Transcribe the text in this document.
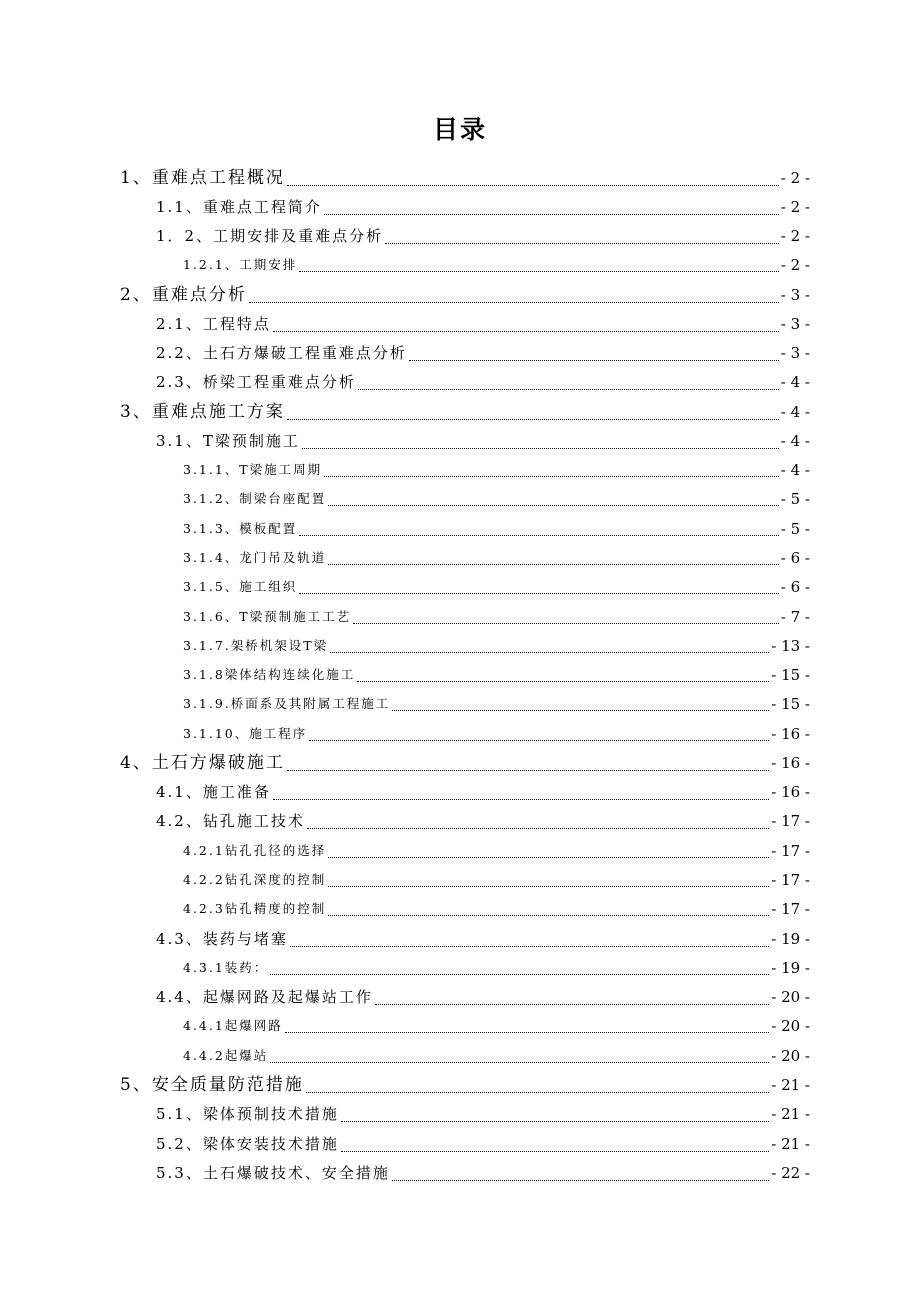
目录
1、重难点工程概况	- 2 -
1.1、重难点工程简介	- 2 -
1．2、工期安排及重难点分析	- 2 -
1.2.1、工期安排	- 2 -
2、重难点分析	- 3 -
2.1、工程特点	- 3 -
2.2、土石方爆破工程重难点分析	- 3 -
2.3、桥梁工程重难点分析	- 4 -
3、重难点施工方案	- 4 -
3.1、T梁预制施工	- 4 -
3.1.1、T梁施工周期	- 4 -
3.1.2、制梁台座配置	- 5 -
3.1.3、模板配置	- 5 -
3.1.4、龙门吊及轨道	- 6 -
3.1.5、施工组织	- 6 -
3.1.6、T梁预制施工工艺	- 7 -
3.1.7.架桥机架设T梁	- 13 -
3.1.8梁体结构连续化施工	- 15 -
3.1.9.桥面系及其附属工程施工	- 15 -
3.1.10、施工程序	- 16 -
4、土石方爆破施工	- 16 -
4.1、施工准备	- 16 -
4.2、钻孔施工技术	- 17 -
4.2.1钻孔孔径的选择	- 17 -
4.2.2钻孔深度的控制	- 17 -
4.2.3钻孔精度的控制	- 17 -
4.3、装药与堵塞	- 19 -
4.3.1装药：	- 19 -
4.4、起爆网路及起爆站工作	- 20 -
4.4.1起爆网路	- 20 -
4.4.2起爆站	- 20 -
5、安全质量防范措施	- 21 -
5.1、梁体预制技术措施	- 21 -
5.2、梁体安装技术措施	- 21 -
5.3、土石爆破技术、安全措施	- 22 -
